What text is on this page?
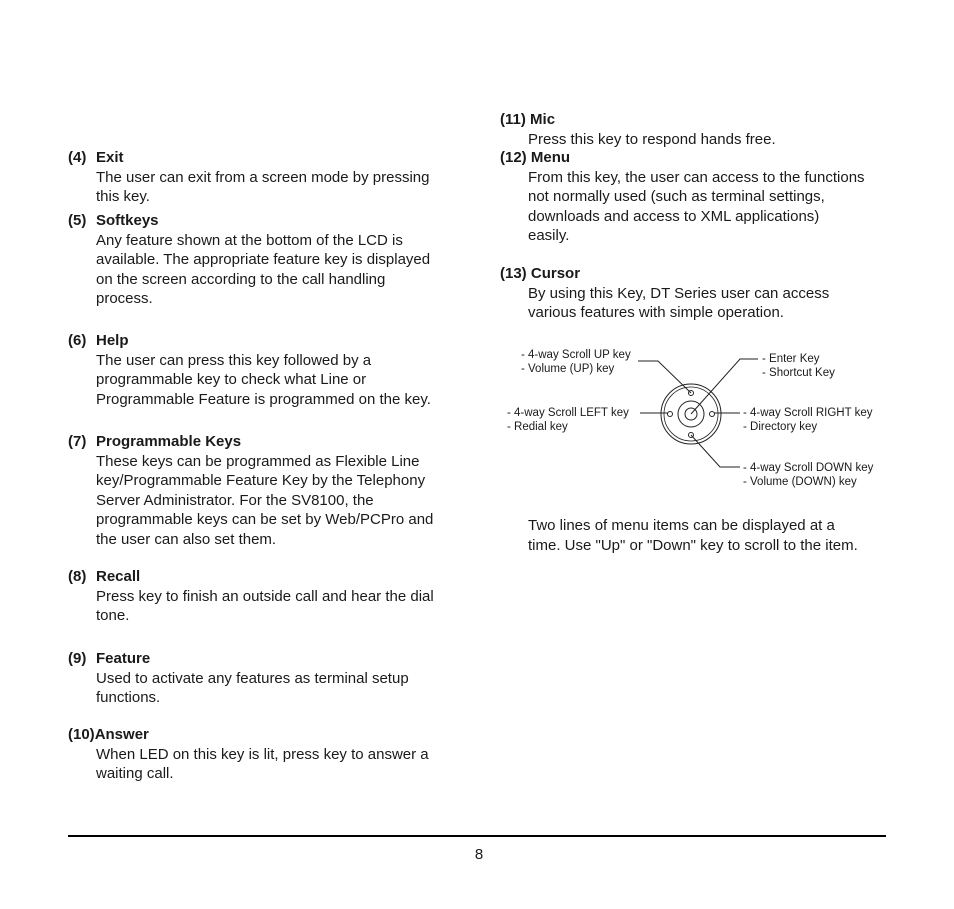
(4) Exit

The user can exit from a screen mode by pressing

this key.

(5) Softkeys

Any feature shown at the bottom of the LCD is

available. The appropriate feature key is displayed

on the screen according to the call handling

process.

(6) Help

The user can press this key followed by a

programmable key to check what Line or

Programmable Feature is programmed on the key.

(7) Programmable Keys

These keys can be programmed as Flexible Line

key/Programmable Feature Key by the Telephony

Server Administrator. For the SV8100, the

programmable keys can be set by Web/PCPro and

the user can also set them.

(8) Recall

Press key to finish an outside call and hear the dial

tone.

(9) Feature

Used to activate any features as terminal setup

functions.

(10)Answer

When LED on this key is lit, press key to answer a

waiting call.

(11) Mic

Press this key to respond hands free.

(12) Menu

From this key, the user can access to the functions

not normally used (such as terminal settings,

downloads and access to XML applications)

easily.

(13) Cursor

By using this Key, DT Series user can access

various features with simple operation.

- 4-way Scroll UP key
- Volume (UP) key
- Enter Key
- Shortcut Key
- 4-way Scroll LEFT key
- Redial key
- 4-way Scroll RIGHT key
- Directory key
- 4-way Scroll DOWN key
- Volume (DOWN) key

Two lines of menu items can be displayed at a

time. Use "Up" or "Down" key to scroll to the item.

8
